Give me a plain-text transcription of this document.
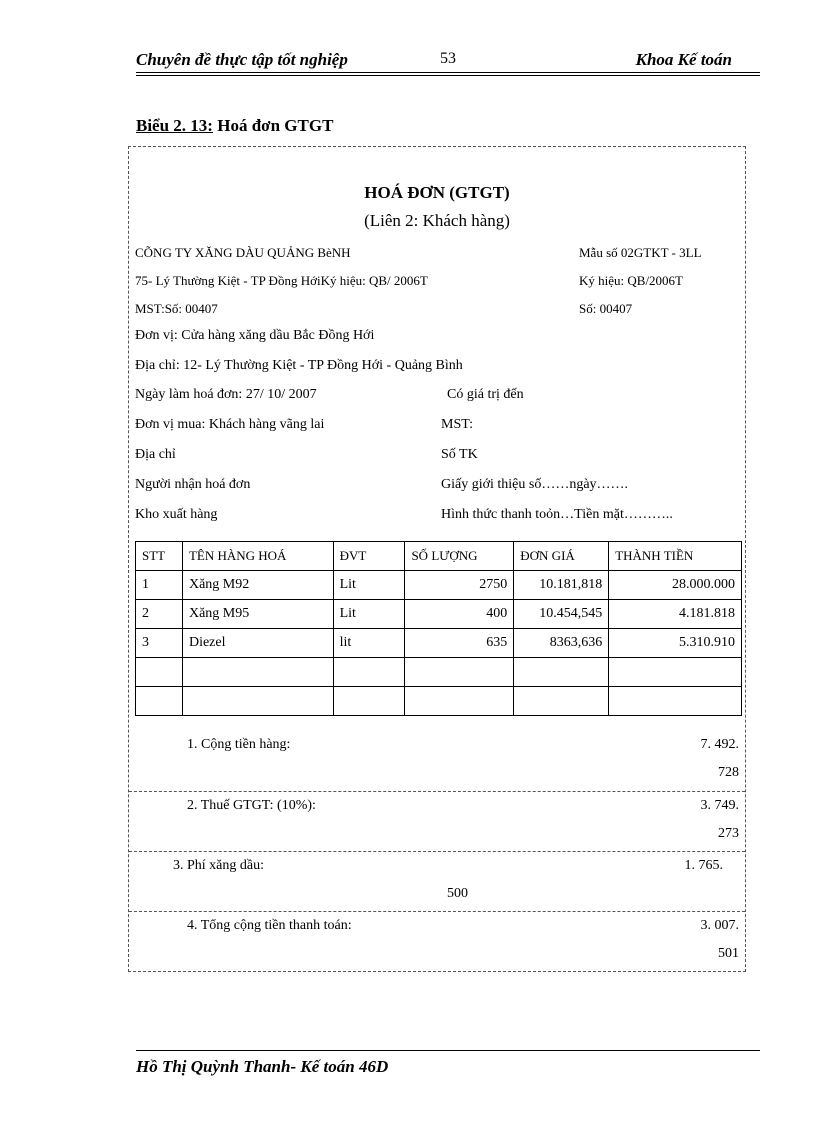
Chuyên đề thực tập tốt nghiệp	53	Khoa Kế toán
Biểu 2. 13: Hoá đơn GTGT
HOÁ ĐƠN (GTGT)
(Liên 2: Khách hàng)
CÕNG TY XĂNG DÀU QUẢNG BèNH	Mẫu số 02GTKT - 3LL
75- Lý Thường Kiệt - TP Đồng HớiKý hiệu: QB/ 2006T	Ký hiệu: QB/2006T
MST:Số: 00407	Số: 00407
Đơn vị: Cửa hàng xăng dầu Bắc Đồng Hới
Địa chỉ: 12- Lý Thường Kiệt - TP Đồng Hới - Quảng Bình
Ngày làm hoá đơn: 27/ 10/ 2007	Có giá trị đến
Đơn vị mua: Khách hàng vãng lai	MST:
Địa chỉ	Số TK
Người nhận hoá đơn	Giấy giới thiệu số……ngày…….
Kho xuất hàng	Hình thức thanh toỏn…Tiền mặt………..
STT	TÊN HÀNG HOÁ	ĐVT	SỐ LƯỢNG	ĐƠN GIÁ	THÀNH TIỀN
1	Xăng M92	Lit	2750	10.181,818	28.000.000
2	Xăng M95	Lit	400	10.454,545	4.181.818
3	Diezel	lit	635	8363,636	5.310.910

1. Cộng tiền hàng:	7. 492.
728
2. Thuế GTGT: (10%):	3. 749.
273
3. Phí xăng dầu:	1. 765.
500
4. Tổng cộng tiền thanh toán:	3. 007.
501
Hồ Thị Quỳnh Thanh- Kế toán 46D
